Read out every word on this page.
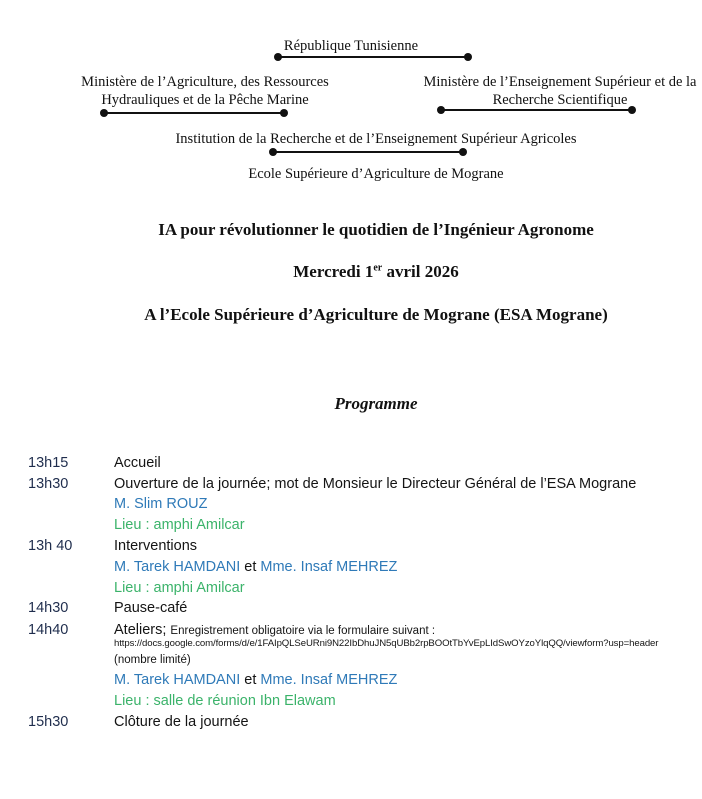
République Tunisienne
Ministère de l’Agriculture, des Ressources
Hydrauliques et de la Pêche Marine
Ministère de l’Enseignement Supérieur et de la
Recherche Scientifique
Institution de la Recherche et de l’Enseignement Supérieur Agricoles
Ecole Supérieure d’Agriculture de Mograne
IA pour révolutionner le quotidien de l’Ingénieur Agronome
Mercredi 1er avril 2026
A l’Ecole Supérieure d’Agriculture de Mograne (ESA Mograne)
Programme
13h15	Accueil
13h30	Ouverture de la journée; mot de Monsieur le Directeur Général de l’ESA Mograne
M. Slim ROUZ
Lieu : amphi Amilcar
13h 40	Interventions
M. Tarek HAMDANI et Mme. Insaf MEHREZ
Lieu : amphi Amilcar
14h30	Pause-café
14h40	Ateliers; Enregistrement obligatoire via le formulaire suivant :
https://docs.google.com/forms/d/e/1FAIpQLSeURni9N22IbDhuJN5qUBb2rpBOOtTbYvEpLIdSwOYzoYlqQQ/viewform?usp=header
(nombre limité)
M. Tarek HAMDANI et Mme. Insaf MEHREZ
Lieu : salle de réunion Ibn Elawam
15h30	Clôture de la journée
